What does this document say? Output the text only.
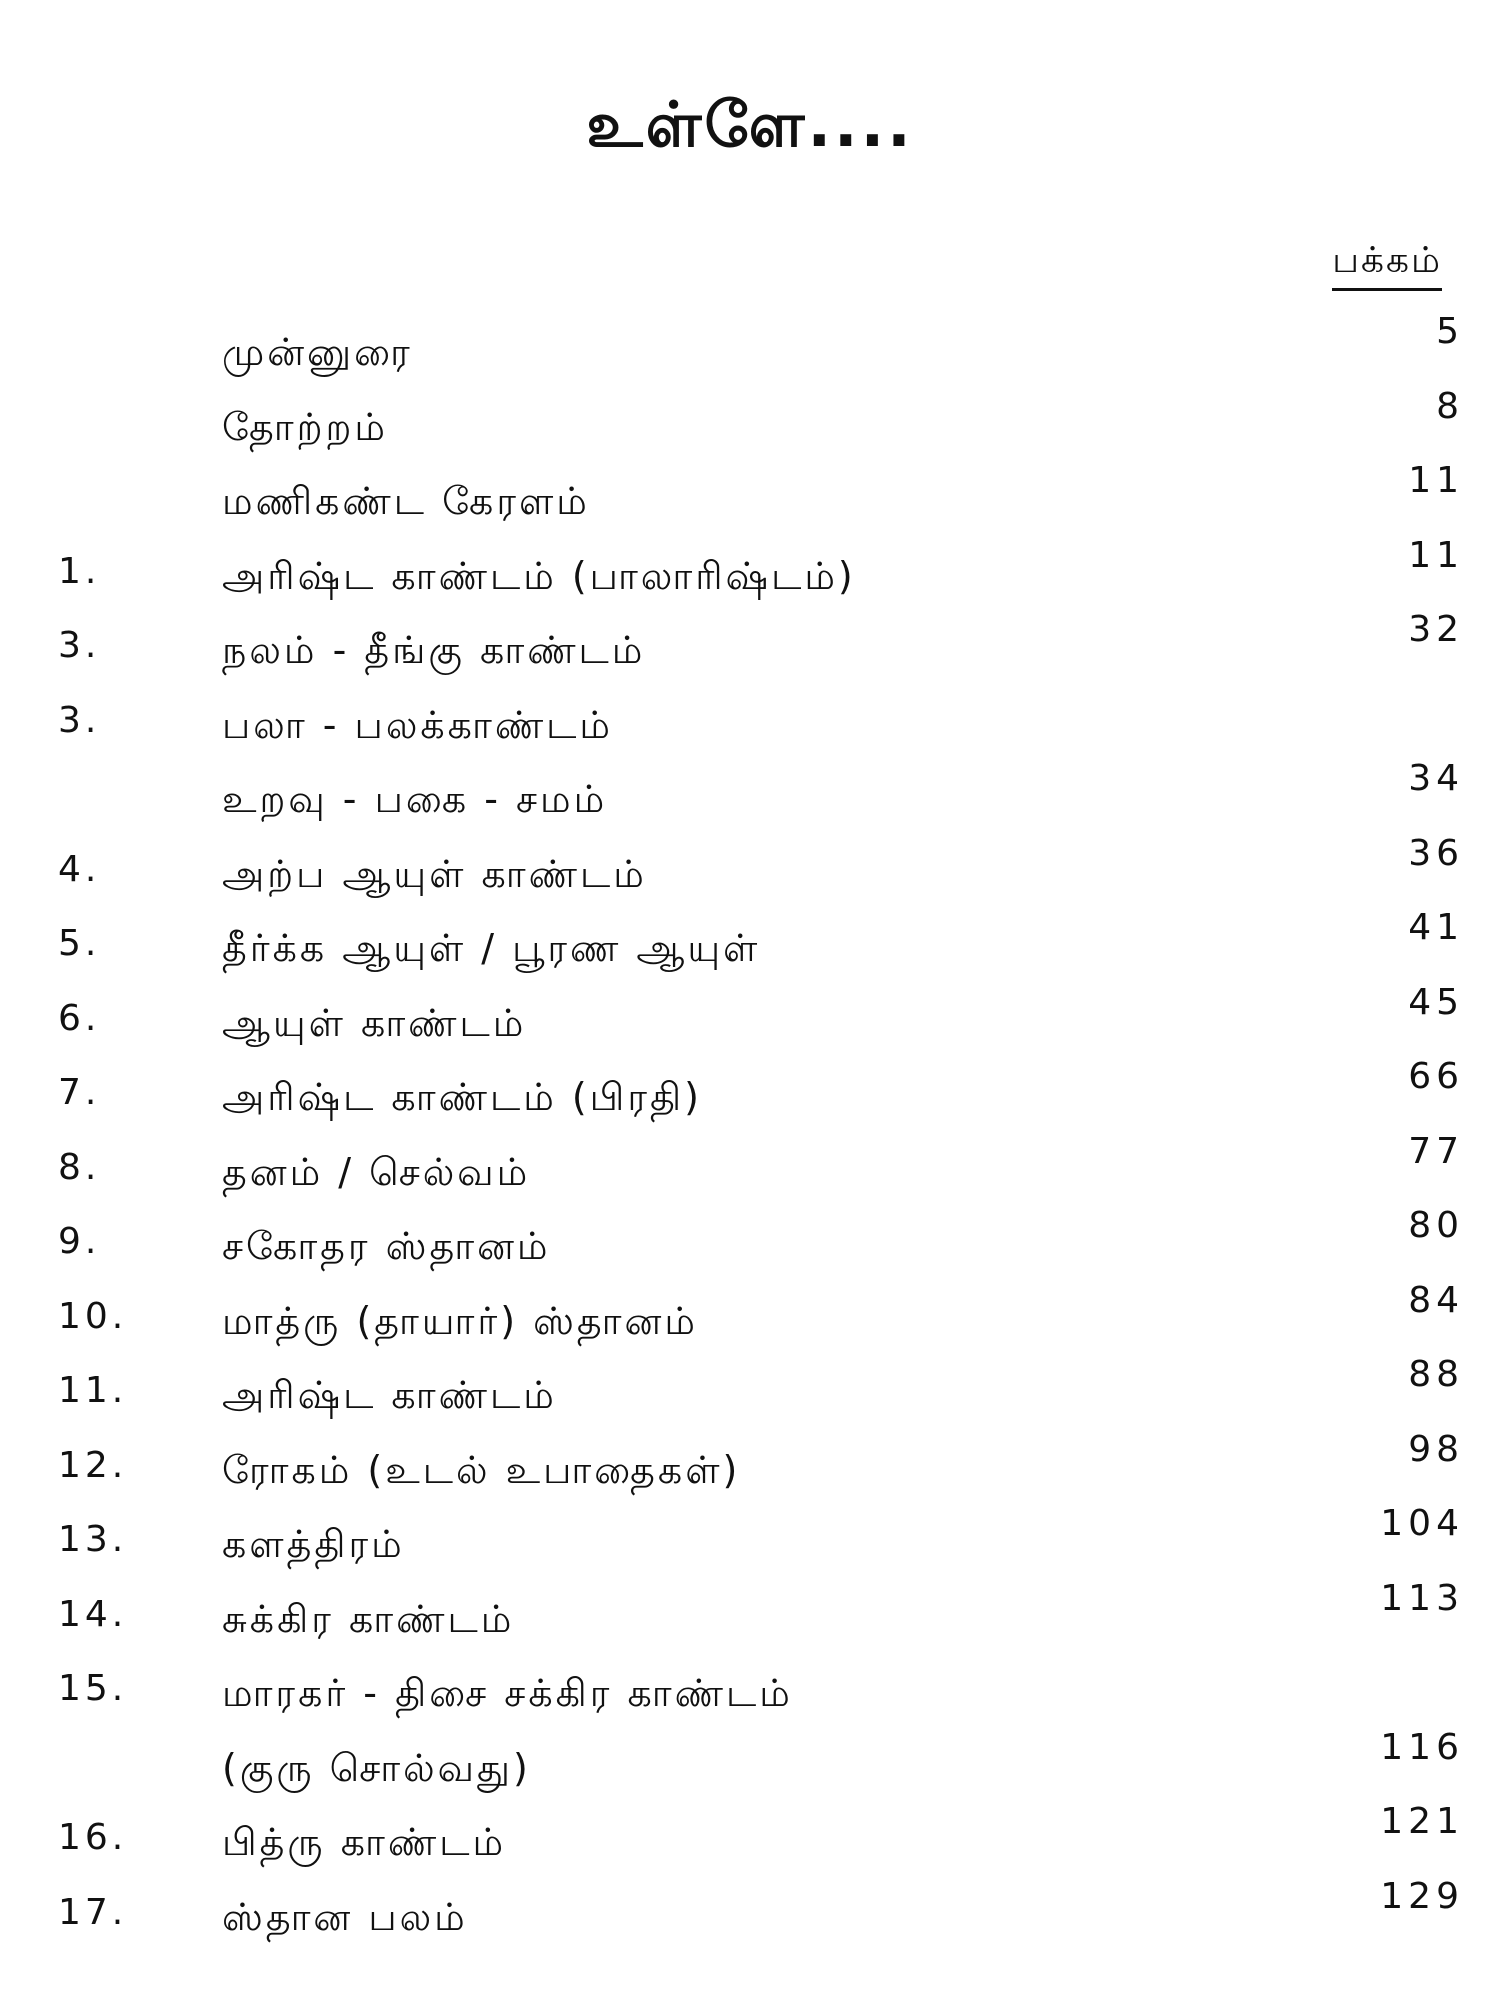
உள்ளே....
பக்கம்
முன்னுரை	5
தோற்றம்	8
மணிகண்ட கேரளம்	11
1.	அரிஷ்ட காண்டம் (பாலாரிஷ்டம்)	11
3.	நலம் - தீங்கு காண்டம்	32
3.	பலா - பலக்காண்டம்
உறவு - பகை - சமம்	34
4.	அற்ப ஆயுள் காண்டம்	36
5.	தீர்க்க ஆயுள் / பூரண ஆயுள்	41
6.	ஆயுள் காண்டம்	45
7.	அரிஷ்ட காண்டம் (பிரதி)	66
8.	தனம் / செல்வம்	77
9.	சகோதர ஸ்தானம்	80
10.	மாத்ரு (தாயார்) ஸ்தானம்	84
11.	அரிஷ்ட காண்டம்	88
12.	ரோகம் (உடல் உபாதைகள்)	98
13.	களத்திரம்	104
14.	சுக்கிர காண்டம்	113
15.	மாரகர் - திசை சக்கிர காண்டம்
(குரு சொல்வது)	116
16.	பித்ரு காண்டம்	121
17.	ஸ்தான பலம்	129
